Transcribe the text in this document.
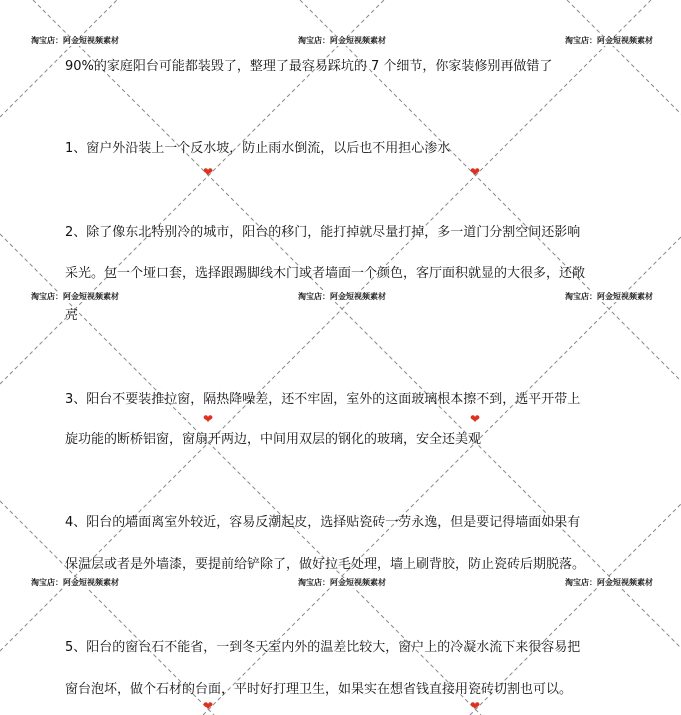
淘宝店：阿金短视频素材	淘宝店：阿金短视频素材	淘宝店：阿金短视频素材
淘宝店：阿金短视频素材	淘宝店：阿金短视频素材	淘宝店：阿金短视频素材
淘宝店：阿金短视频素材	淘宝店：阿金短视频素材	淘宝店：阿金短视频素材
❤	❤
❤	❤
❤	❤
90%的家庭阳台可能都装毁了，整理了最容易踩坑的 7 个细节，你家装修别再做错了
1、窗户外沿装上一个反水坡，防止雨水倒流，以后也不用担心渗水
2、除了像东北特别冷的城市，阳台的移门，能打掉就尽量打掉，多一道门分割空间还影响
采光。包一个垭口套，选择跟踢脚线木门或者墙面一个颜色，客厅面积就显的大很多，还敞
亮
3、阳台不要装推拉窗，隔热降噪差，还不牢固，室外的这面玻璃根本擦不到，选平开带上
旋功能的断桥铝窗，窗扇开两边，中间用双层的钢化的玻璃，安全还美观
4、阳台的墙面离室外较近，容易反潮起皮，选择贴瓷砖一劳永逸，但是要记得墙面如果有
保温层或者是外墙漆，要提前给铲除了，做好拉毛处理，墙上刷背胶，防止瓷砖后期脱落。
5、阳台的窗台石不能省，一到冬天室内外的温差比较大，窗户上的冷凝水流下来很容易把
窗台泡坏，做个石材的台面，平时好打理卫生，如果实在想省钱直接用瓷砖切割也可以。
